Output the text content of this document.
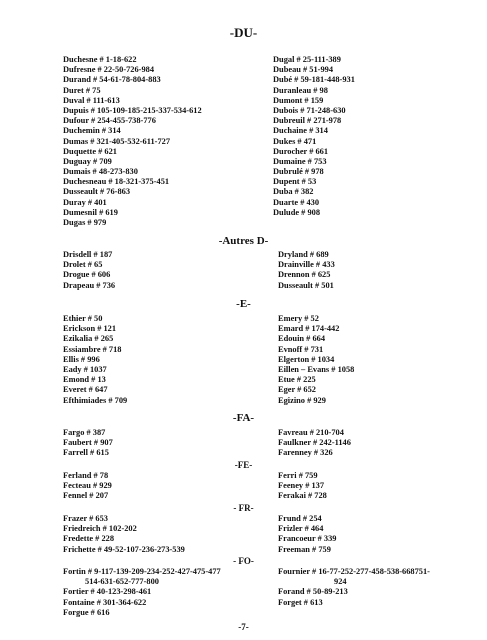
-DU-
Duchesne # 1-18-622
Dufresne # 22-50-726-984
Durand # 54-61-78-804-883
Duret # 75
Duval # 111-613
Dupuis # 105-109-185-215-337-534-612
Dufour # 254-455-738-776
Duchemin # 314
Dumas # 321-405-532-611-727
Duquette # 621
Duguay # 709
Dumais # 48-273-830
Duchesneau # 18-321-375-451
Dusseault # 76-863
Duray # 401
Dumesnil # 619
Dugas # 979
Dugal # 25-111-389
Dubeau # 51-994
Dubé # 59-181-448-931
Duranleau # 98
Dumont # 159
Dubois # 71-248-630
Dubreuil # 271-978
Duchaine # 314
Dukes # 471
Durocher # 661
Dumaine # 753
Dubrulé # 978
Dupent # 53
Duba # 382
Duarte # 430
Dulude # 908
-Autres D-
Drisdell # 187
Drolet # 65
Drogue # 606
Drapeau # 736
Dryland # 689
Drainville # 433
Drennon # 625
Dusseault # 501
-E-
Ethier # 50
Erickson # 121
Ezikalia # 265
Essiambre # 718
Ellis # 996
Eady # 1037
Emond # 13
Everet # 647
Efthimiades # 709
Emery # 52
Emard # 174-442
Edouin # 664
Evnoff # 731
Elgerton # 1034
Eillen – Evans # 1058
Etue # 225
Eger # 652
Egizino # 929
-FA-
Fargo # 387
Faubert # 907
Farrell # 615
Favreau # 210-704
Faulkner # 242-1146
Farenney # 326
-FE-
Ferland # 78
Fecteau # 929
Fennel # 207
Ferri # 759
Feeney # 137
Ferakai # 728
- FR-
Frazer # 653
Friedreich # 102-202
Fredette # 228
Frichette # 49-52-107-236-273-539
Frund # 254
Frizler # 464
Francoeur # 339
Freeman # 759
- FO-
Fortin # 9-117-139-209-234-252-427-475-477
514-631-652-777-800
Fortier # 40-123-298-461
Fontaine # 301-364-622
Forgue # 616
Fournier # 16-77-252-277-458-538-668751-
924
Forand # 50-89-213
Forget # 613
-7-
